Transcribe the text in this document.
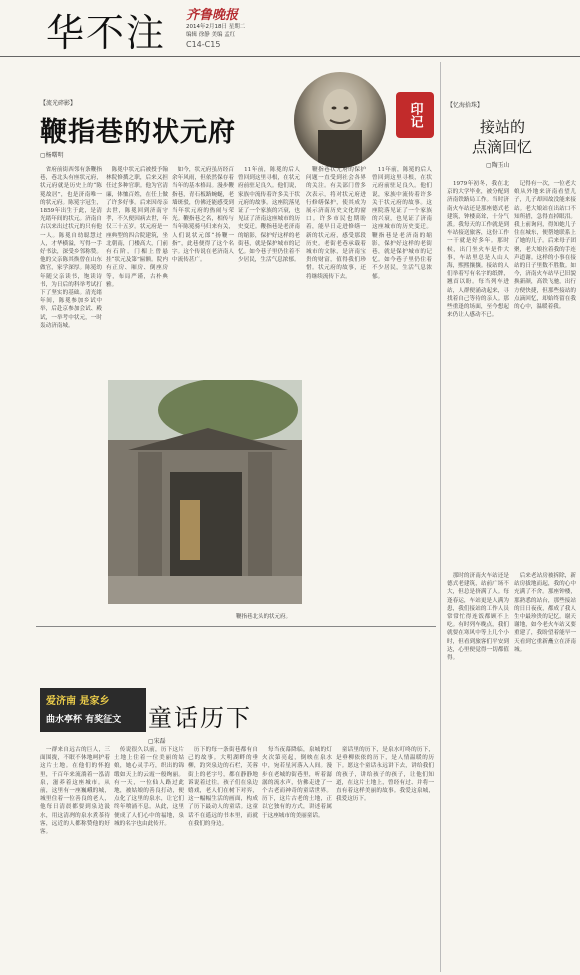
华不注 齐鲁晚报
2014年2月18日 星期二
编辑 徐静 美编 孟红
C14-C15
【流光碎影】
鞭指巷的状元府
▢杨曙明
印记
　省府前街西邻有条鞭指巷，巷北头有座状元府，状元府就是历史上的“陈冕故居”，也是济南唯一的状元府。陈冕字冠生，1859年出生于此，是清光绪年间的状元。济南自古以来出过状元的只有他一人。陈冕自幼聪慧过人，才华横溢，写得一手好书法，深受乡邻称赞。他的父亲陈其焕曾在山东做官，家学深厚。陈冕幼年随父亲读书，饱读诗书，为日后的科举考试打下了坚实的基础。清光绪年间，陈冕参加乡试中举，后赴京参加会试、殿试，一举考中状元，一时轰动济南城。
　陈冕中状元后被授予翰林院修撰之职，后来又担任过多种官职。他为官清廉，体恤百姓，在任上做了许多好事。后来因母亲去世，陈冕回到济南守孝，不久便因病去世，年仅三十五岁。状元府是一座典型的四合院建筑，坐北朝南，门楼高大，门前有石阶，门楣上曾悬挂“状元及第”匾额。院内有正房、厢房、倒座房等，布局严谨，古朴典雅。
　如今，状元府虽历经百余年风雨，但依然保存着当年的基本格局。漫步鞭指巷，青石板路蜿蜒，老墙斑驳，仿佛还能感受到当年状元府的热闹与荣光。鞭指巷之名，相传与当年陈冕骑马归来有关，人们说状元郎“扬鞭一指”，此巷便得了这个名字。这个传说在老济南人中流传甚广。
　11年前，陈冕的后人曾回到这里寻根，在状元府前驻足良久。他们说，家族中流传着许多关于状元府的故事。这座院落见证了一个家族的兴衰，也见证了济南这座城市的历史变迁。鞭指巷是老济南的缩影，保护好这样的老街巷，就是保护城市的记忆。如今巷子里仍住着不少居民，生活气息浓郁。
　鞭指巷状元府的保护问题一直受到社会各界的关注。有关部门曾多次表示，将对状元府进行修缮保护，使其成为展示济南历史文化的窗口。许多市民也期盼着，能早日走进修缮一新的状元府，感受那段历史。老街老巷承载着城市的文脉，是济南宝贵的财富，值得我们珍惜。状元府的故事，还将继续流传下去。
　11年前，陈冕的后人曾回到这里寻根，在状元府前驻足良久。他们说，家族中流传着许多关于状元府的故事。这座院落见证了一个家族的兴衰，也见证了济南这座城市的历史变迁。鞭指巷是老济南的缩影，保护好这样的老街巷，就是保护城市的记忆。如今巷子里仍住着不少居民，生活气息浓郁。
鞭指巷北头的状元府。
【忆海拾珠】
接站的
点滴回忆
▢陶玉山
　1979年初冬，我在北京的大学毕业，被分配到济南铁路局工作。当时济南火车站还是那座德式老建筑，钟楼高耸，十分气派。我每天的工作就是到车站接送旅客，这份工作一干就是好多年。那时候，出门坐火车是件大事，车站里总是人山人海，熙熙攘攘。接站的人们举着写有名字的纸牌，翘首以盼。每当列车进站，人群便涌动起来，寻找着自己等待的亲人。那些重逢的场面，至今想起来仍让人感动不已。
　记得有一次，一位老大娘从外地来济南看望儿子，儿子却因故没能来接站。老大娘站在出站口不知所措，急得直掉眼泪。我上前询问，得知她儿子住在城东，便帮她联系上了她的儿子。后来母子团聚，老大娘拉着我的手连声道谢。这样的小事在接站的日子里数不胜数。如今，济南火车站早已旧貌换新颜，高铁飞驰，出行方便快捷，但那些接站的点滴回忆，却始终留在我的心中，温暖着我。
　那时的济南火车站还是德式老建筑，站前广场不大，但总是挤满了人。每逢春运，车站更是人满为患，我们接站的工作人员常常忙得连饭都顾不上吃。有时列车晚点，我们就要在寒风中等上几个小时，但看到旅客们平安到达，心里便觉得一切都值得。
　后来老站房被拆除，新站房拔地而起，我的心中充满了不舍。那座钟楼，那熟悉的站台，那些接站的日日夜夜，都成了我人生中最珍贵的记忆。谢天谢地，如今老火车站又要重建了，我盼望着能早一天看到它重新矗立在济南城。
爱济南 是家乡
曲水亭杯 有奖征文 童话历下
▢宋磊
　一群来自远古的巨人，三面围拢，不眠不休地呵护着这片土地。在他们的怀抱里，千百年来流淌着一泓清泉，滋养着这座城市。从前，这里有一座巍峨的城，城里住着一位善良的老人，他每日清晨都要到泉边汲水，用这清冽的泉水煮茶待客，远近的人都称赞他的好客。
　传说很久以前，历下这片土地上住着一位美丽的姑娘，她心灵手巧，织出的锦缎如天上的云霞一般绚丽。有一天，一位仙人路过此地，被姑娘的善良打动，便点化了这里的泉水，让它们终年喷涌不息。从此，这里便成了人们心中的福地，泉城的名字也由此传开。
　历下的每一条街巷都有自己的故事。大明湖畔的垂柳，趵突泉边的石栏，芙蓉街上的老字号，都在静静地诉说着过往。孩子们在泉边嬉戏，老人们在树下对弈，这一幅幅生活的画面，构成了历下最动人的童话。这童话不在遥远的书本里，而就在我们的身边。
　每当夜幕降临，泉城的灯火次第亮起，倒映在泉水中，宛若星河落入人间。漫步在老城的街巷里，听着潺潺的流水声，仿佛走进了一个古老而神奇的童话世界。历下，这片古老的土地，正以它独有的方式，讲述着属于这座城市的美丽童话。
　童话里的历下，是泉水叮咚的历下，是垂柳依依的历下，是人情温暖的历下。愿这个童话永远讲下去，讲给我们的孩子，讲给孩子的孩子，让他们知道，在这片土地上，曾经有过、并将一直有着这样美丽的故事。我爱这泉城，我爱这历下。
